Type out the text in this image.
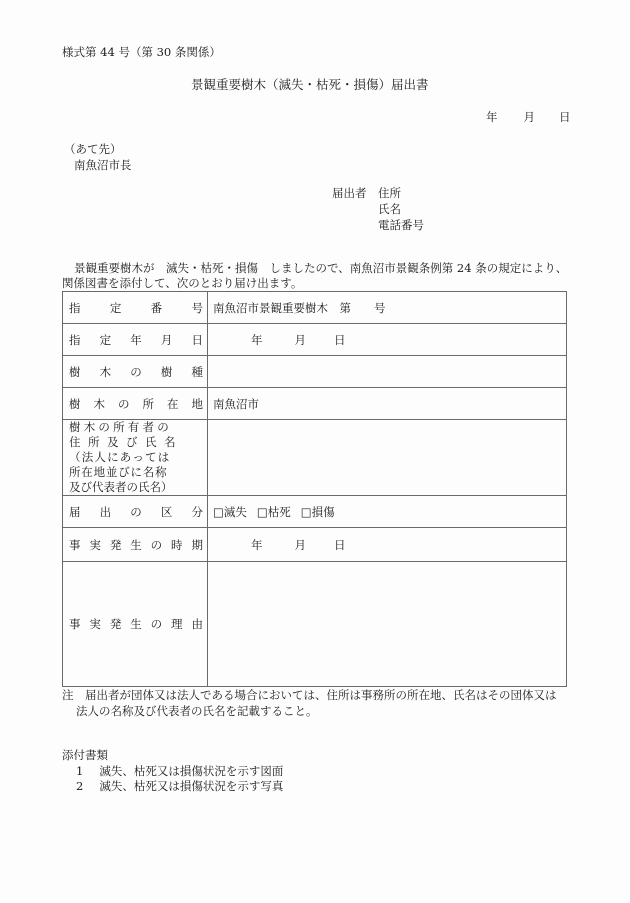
様式第 44 号（第 30 条関係）
景観重要樹木（滅失・枯死・損傷）届出書
年 月 日
（あて先）
南魚沼市長
届出者 住所
氏名
電話番号
景観重要樹木が　滅失・枯死・損傷　しましたので、南魚沼市景観条例第 24 条の規定により、
関係図書を添付して、次のとおり届け出ます。
指 定 番 号	南魚沼市景観重要樹木　第　　号

指 定 年 月 日	年 月 日

樹 木 の 樹 種	

樹 木 の 所 在 地	南魚沼市

樹木の所有者の
住所及び氏名
（法人にあっては
所在地並びに名称
及び代表者の氏名）	

届 出 の 区 分	□滅失 □枯死 □損傷

事 実 発 生 の 時 期	年	月 日

事 実 発 生 の 理 由

注　届出者が団体又は法人である場合においては、住所は事務所の所在地、氏名はその団体又は
法人の名称及び代表者の氏名を記載すること。
添付書類
1 滅失、枯死又は損傷状況を示す図面
2 滅失、枯死又は損傷状況を示す写真
